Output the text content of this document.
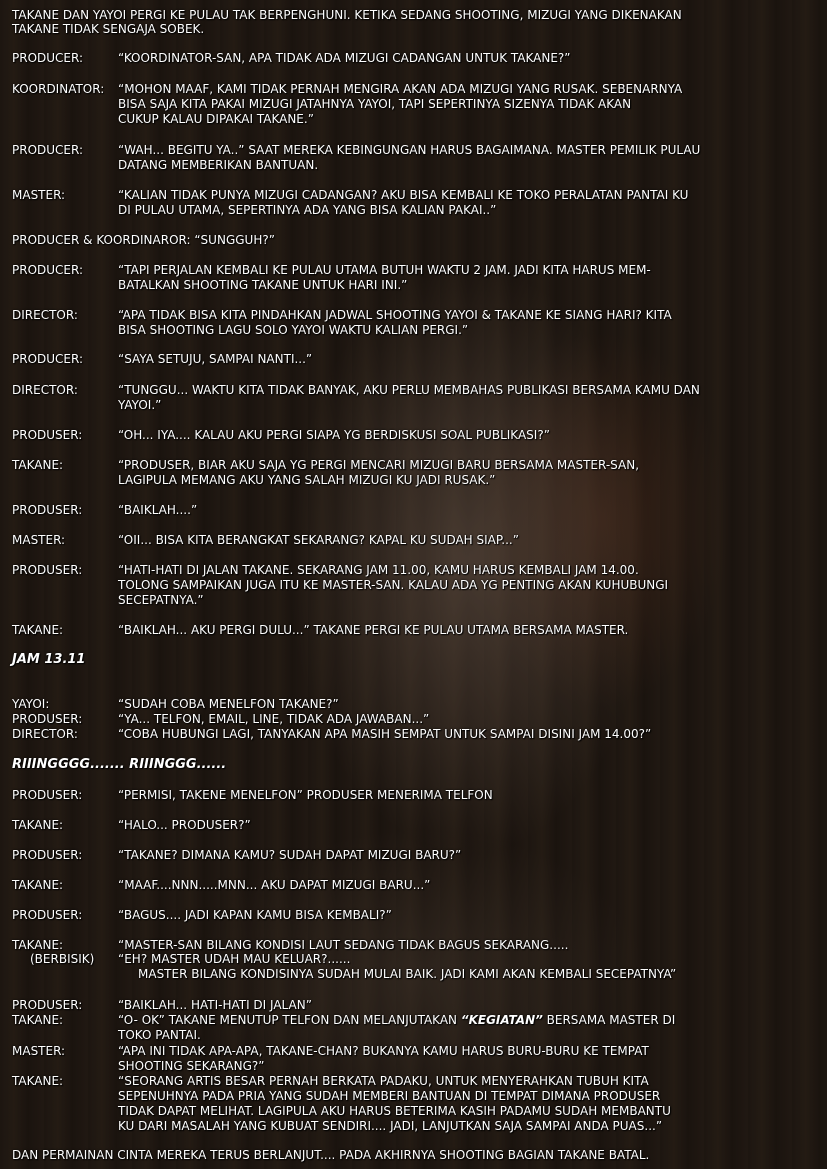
TAKANE DAN YAYOI PERGI KE PULAU TAK BERPENGHUNI. KETIKA SEDANG SHOOTING, MIZUGI YANG DIKENAKAN
TAKANE TIDAK SENGAJA SOBEK.
PRODUCER:	“KOORDINATOR-SAN, APA TIDAK ADA MIZUGI CADANGAN UNTUK TAKANE?”
KOORDINATOR: “MOHON MAAF, KAMI TIDAK PERNAH MENGIRA AKAN ADA MIZUGI YANG RUSAK. SEBENARNYA
BISA SAJA KITA PAKAI MIZUGI JATAHNYA YAYOI, TAPI SEPERTINYA SIZENYA TIDAK AKAN
CUKUP KALAU DIPAKAI TAKANE.”
PRODUCER:	“WAH... BEGITU YA..” SAAT MEREKA KEBINGUNGAN HARUS BAGAIMANA. MASTER PEMILIK PULAU
DATANG MEMBERIKAN BANTUAN.
MASTER:	“KALIAN TIDAK PUNYA MIZUGI CADANGAN? AKU BISA KEMBALI KE TOKO PERALATAN PANTAI KU
DI PULAU UTAMA, SEPERTINYA ADA YANG BISA KALIAN PAKAI..”
PRODUCER & KOORDINAROR: “SUNGGUH?”
PRODUCER:	“TAPI PERJALAN KEMBALI KE PULAU UTAMA BUTUH WAKTU 2 JAM. JADI KITA HARUS MEM-
BATALKAN SHOOTING TAKANE UNTUK HARI INI.”
DIRECTOR:	“APA TIDAK BISA KITA PINDAHKAN JADWAL SHOOTING YAYOI & TAKANE KE SIANG HARI? KITA
BISA SHOOTING LAGU SOLO YAYOI WAKTU KALIAN PERGI.”
PRODUCER:	“SAYA SETUJU, SAMPAI NANTI...”
DIRECTOR:	“TUNGGU... WAKTU KITA TIDAK BANYAK, AKU PERLU MEMBAHAS PUBLIKASI BERSAMA KAMU DAN
YAYOI.”
PRODUSER:	“OH... IYA.... KALAU AKU PERGI SIAPA YG BERDISKUSI SOAL PUBLIKASI?”
TAKANE:	“PRODUSER, BIAR AKU SAJA YG PERGI MENCARI MIZUGI BARU BERSAMA MASTER-SAN,
LAGIPULA MEMANG AKU YANG SALAH MIZUGI KU JADI RUSAK.”
PRODUSER:	“BAIKLAH....”
MASTER:	“OII... BISA KITA BERANGKAT SEKARANG? KAPAL KU SUDAH SIAP...”
PRODUSER:	“HATI-HATI DI JALAN TAKANE. SEKARANG JAM 11.00, KAMU HARUS KEMBALI JAM 14.00.
TOLONG SAMPAIKAN JUGA ITU KE MASTER-SAN. KALAU ADA YG PENTING AKAN KUHUBUNGI
SECEPATNYA.”
TAKANE:	“BAIKLAH... AKU PERGI DULU...” TAKANE PERGI KE PULAU UTAMA BERSAMA MASTER.
JAM 13.11
YAYOI:	“SUDAH COBA MENELFON TAKANE?”
PRODUSER:	“YA... TELFON, EMAIL, LINE, TIDAK ADA JAWABAN...”
DIRECTOR:	“COBA HUBUNGI LAGI, TANYAKAN APA MASIH SEMPAT UNTUK SAMPAI DISINI JAM 14.00?”
RIIINGGGG....... RIIINGGG......
PRODUSER:	“PERMISI, TAKENE MENELFON” PRODUSER MENERIMA TELFON
TAKANE:	“HALO... PRODUSER?”
PRODUSER:	“TAKANE? DIMANA KAMU? SUDAH DAPAT MIZUGI BARU?”
TAKANE:	“MAAF....NNN.....MNN... AKU DAPAT MIZUGI BARU...”
PRODUSER:	“BAGUS.... JADI KAPAN KAMU BISA KEMBALI?”
TAKANE:	“MASTER-SAN BILANG KONDISI LAUT SEDANG TIDAK BAGUS SEKARANG.....
(BERBISIK) “EH? MASTER UDAH MAU KELUAR?......
MASTER BILANG KONDISINYA SUDAH MULAI BAIK. JADI KAMI AKAN KEMBALI SECEPATNYA”
PRODUSER:	“BAIKLAH... HATI-HATI DI JALAN”
TAKANE:	“O- OK” TAKANE MENUTUP TELFON DAN MELANJUTAKAN “KEGIATAN” BERSAMA MASTER DI
TOKO PANTAI.
MASTER:	“APA INI TIDAK APA-APA, TAKANE-CHAN? BUKANYA KAMU HARUS BURU-BURU KE TEMPAT
SHOOTING SEKARANG?”
TAKANE:	“SEORANG ARTIS BESAR PERNAH BERKATA PADAKU, UNTUK MENYERAHKAN TUBUH KITA
SEPENUHNYA PADA PRIA YANG SUDAH MEMBERI BANTUAN DI TEMPAT DIMANA PRODUSER
TIDAK DAPAT MELIHAT. LAGIPULA AKU HARUS BETERIMA KASIH PADAMU SUDAH MEMBANTU
KU DARI MASALAH YANG KUBUAT SENDIRI.... JADI, LANJUTKAN SAJA SAMPAI ANDA PUAS...”
DAN PERMAINAN CINTA MEREKA TERUS BERLANJUT.... PADA AKHIRNYA SHOOTING BAGIAN TAKANE BATAL.
